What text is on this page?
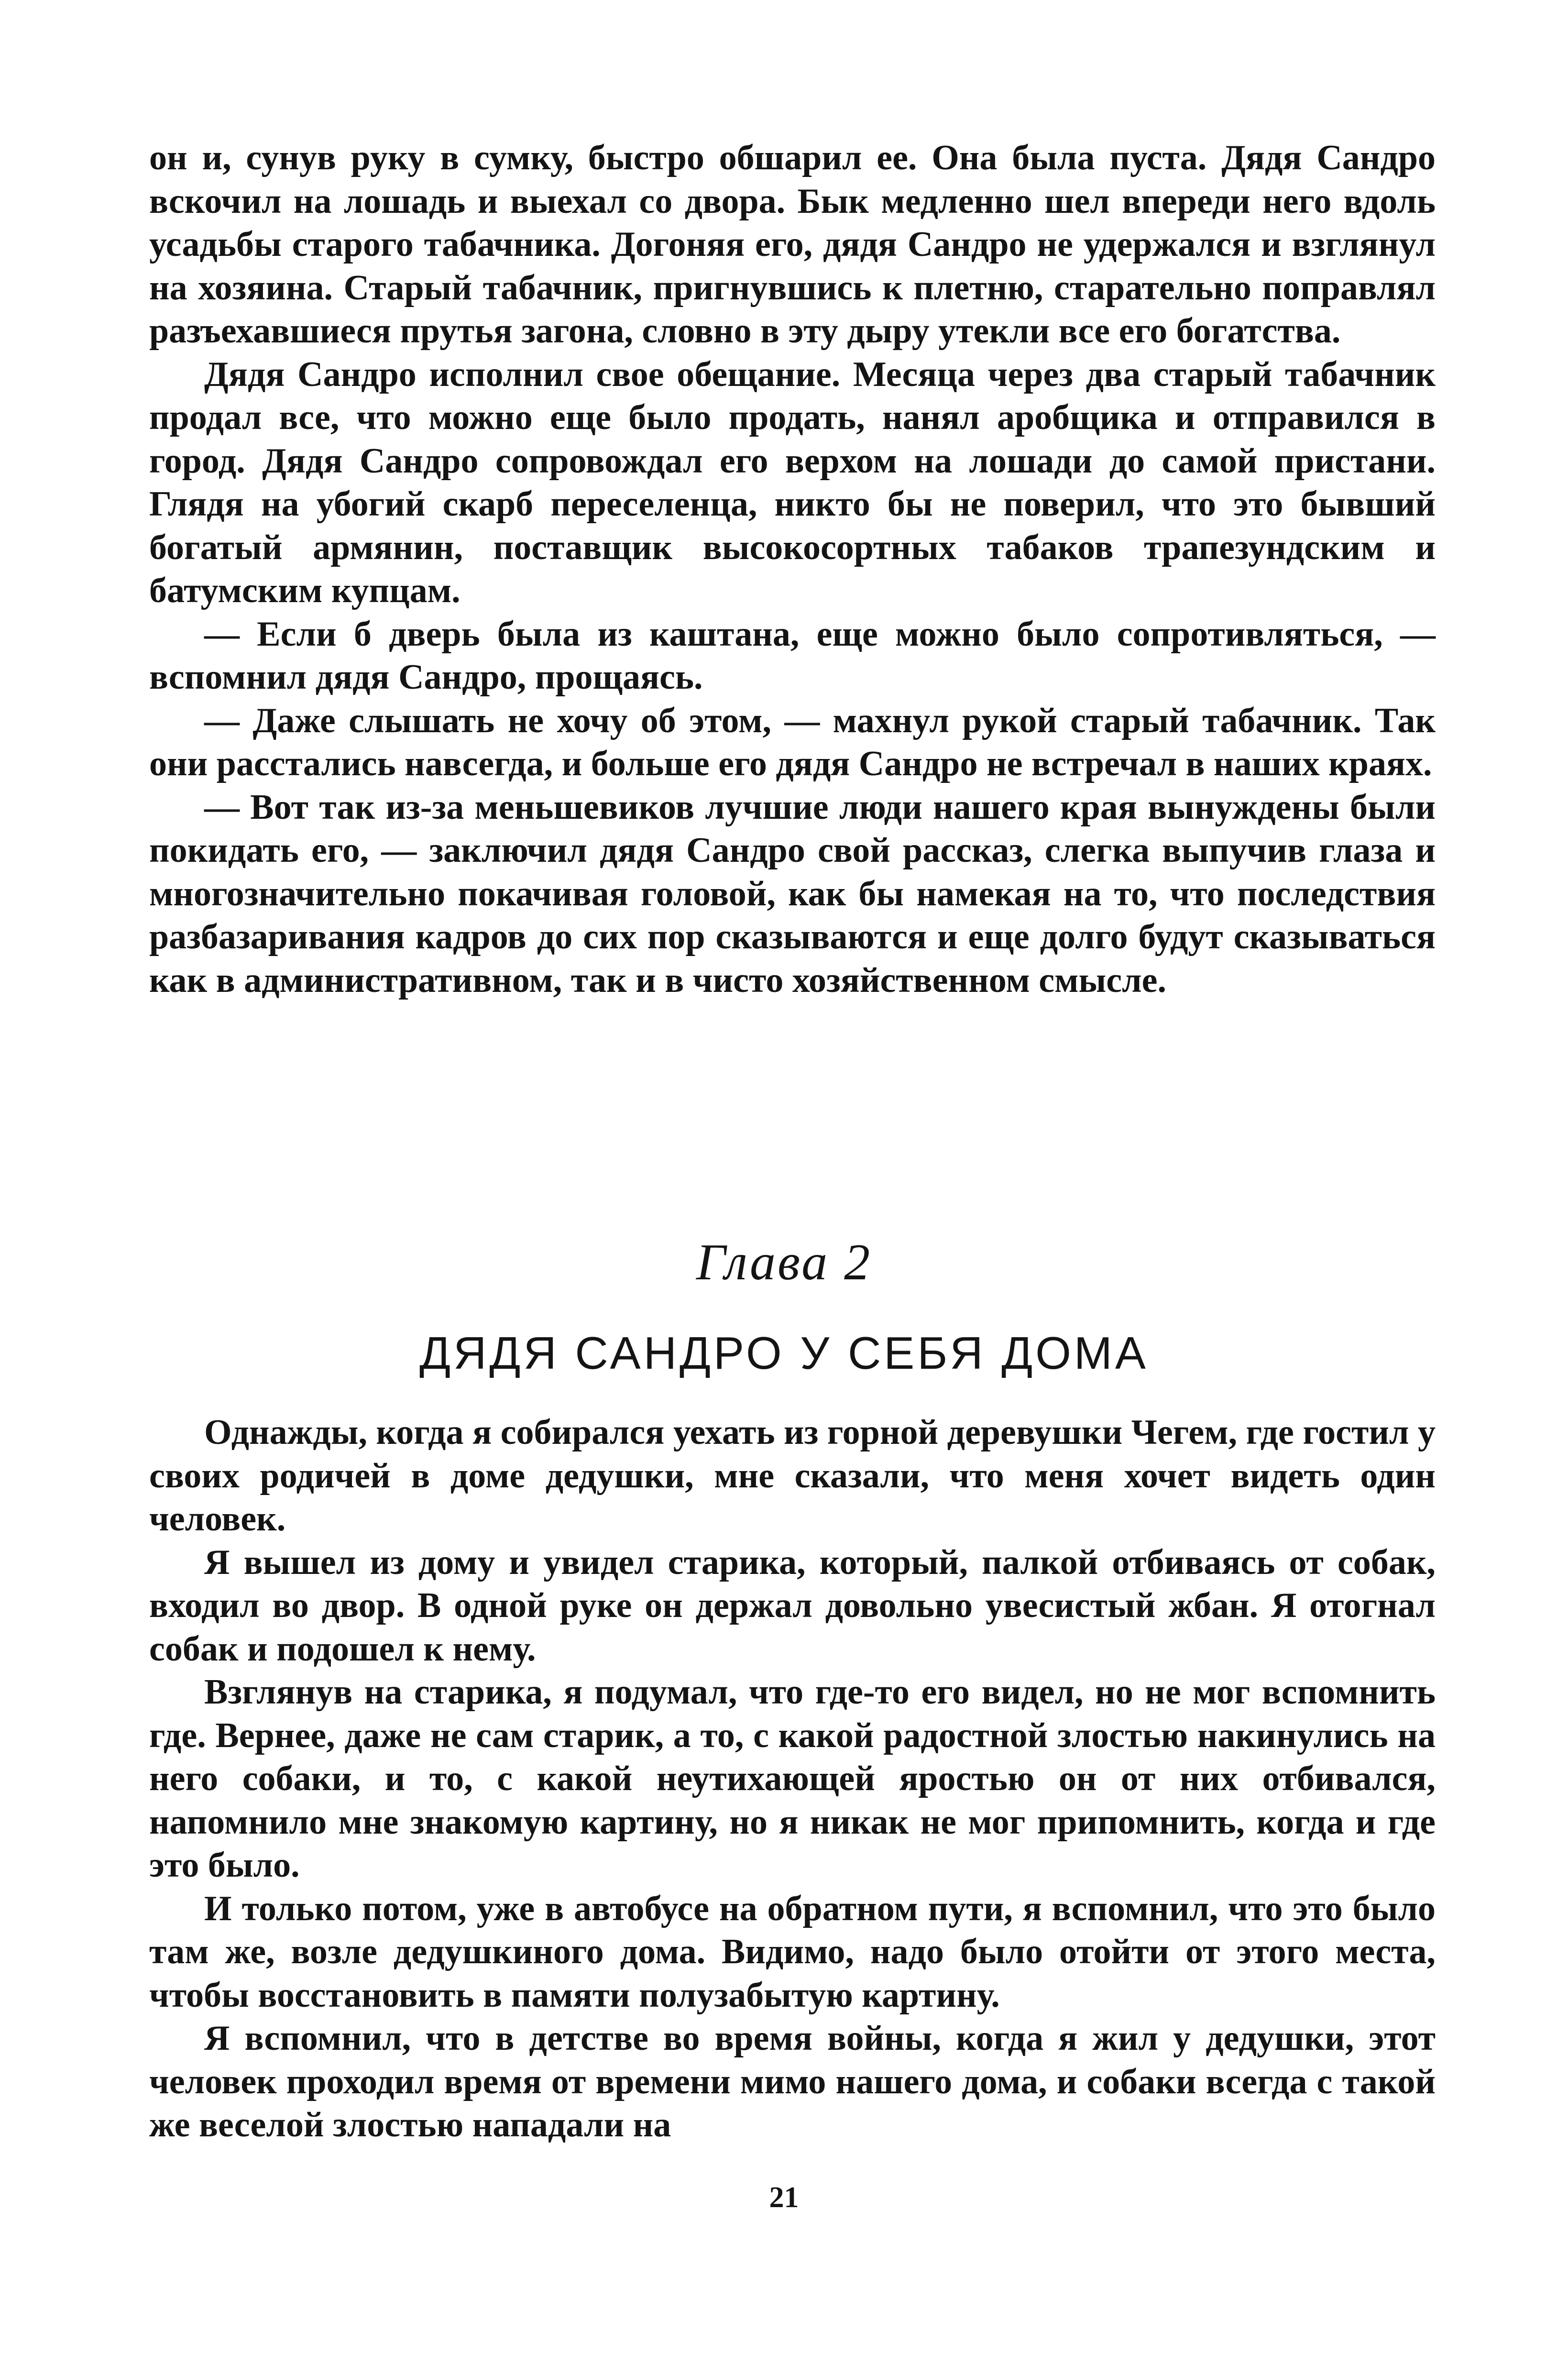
он и, сунув руку в сумку, быстро обшарил ее. Она была пуста. Дядя Сандро вскочил на лошадь и выехал со двора. Бык медленно шел впереди него вдоль усадьбы старого табачника. Догоняя его, дядя Сандро не удержался и взглянул на хозяина. Старый табачник, пригнувшись к плетню, старательно поправлял разъехавшиеся прутья загона, словно в эту дыру утекли все его богатства.

Дядя Сандро исполнил свое обещание. Месяца через два старый табачник продал все, что можно еще было продать, нанял аробщика и отправился в город. Дядя Сандро сопровождал его верхом на лошади до самой пристани. Глядя на убогий скарб переселенца, никто бы не поверил, что это бывший богатый армянин, поставщик высокосортных табаков трапезундским и батумским купцам.

— Если б дверь была из каштана, еще можно было сопротивляться, — вспомнил дядя Сандро, прощаясь.

— Даже слышать не хочу об этом, — махнул рукой старый табачник. Так они расстались навсегда, и больше его дядя Сандро не встречал в наших краях.

— Вот так из-за меньшевиков лучшие люди нашего края вынуждены были покидать его, — заключил дядя Сандро свой рассказ, слегка выпучив глаза и многозначительно покачивая головой, как бы намекая на то, что последствия разбазаривания кадров до сих пор сказываются и еще долго будут сказываться как в административном, так и в чисто хозяйственном смысле.

Глава 2
ДЯДЯ САНДРО У СЕБЯ ДОМА

Однажды, когда я собирался уехать из горной деревушки Чегем, где гостил у своих родичей в доме дедушки, мне сказали, что меня хочет видеть один человек.

Я вышел из дому и увидел старика, который, палкой отбиваясь от собак, входил во двор. В одной руке он держал довольно увесистый жбан. Я отогнал собак и подошел к нему.

Взглянув на старика, я подумал, что где-то его видел, но не мог вспомнить где. Вернее, даже не сам старик, а то, с какой радостной злостью накинулись на него собаки, и то, с какой неутихающей яростью он от них отбивался, напомнило мне знакомую картину, но я никак не мог припомнить, когда и где это было.

И только потом, уже в автобусе на обратном пути, я вспомнил, что это было там же, возле дедушкиного дома. Видимо, надо было отойти от этого места, чтобы восстановить в памяти полузабытую картину.

Я вспомнил, что в детстве во время войны, когда я жил у дедушки, этот человек проходил время от времени мимо нашего дома, и собаки всегда с такой же веселой злостью нападали на

21
